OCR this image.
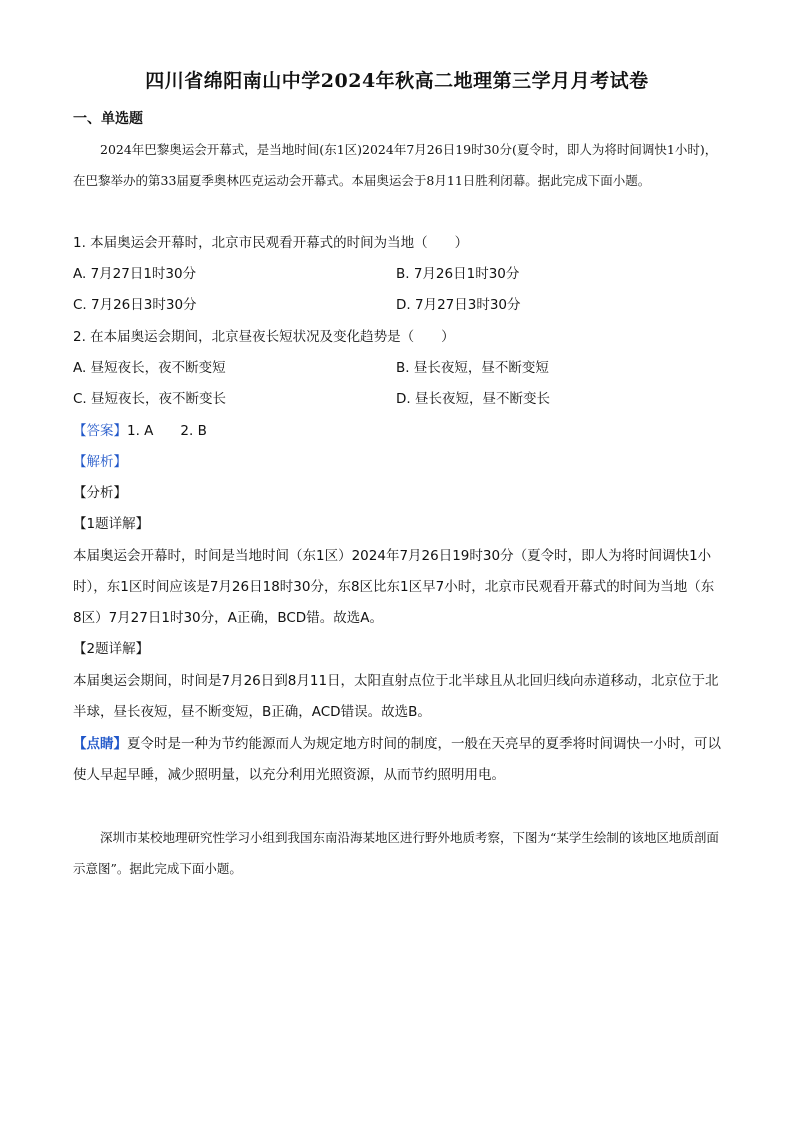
四川省绵阳南山中学2024年秋高二地理第三学月月考试卷
一、单选题

2024年巴黎奥运会开幕式，是当地时间(东1区)2024年7月26日19时30分(夏令时，即人为将时间调快1小时)，在巴黎举办的第33届夏季奥林匹克运动会开幕式。本届奥运会于8月11日胜利闭幕。据此完成下面小题。

1. 本届奥运会开幕时，北京市民观看开幕式的时间为当地（　　）
A. 7月27日1时30分	B. 7月26日1时30分
C. 7月26日3时30分	D. 7月27日3时30分
2. 在本届奥运会期间，北京昼夜长短状况及变化趋势是（　　）
A. 昼短夜长，夜不断变短	B. 昼长夜短，昼不断变短
C. 昼短夜长，夜不断变长	D. 昼长夜短，昼不断变长
【答案】1. A　　2. B
【解析】
【分析】
【1题详解】

本届奥运会开幕时，时间是当地时间（东1区）2024年7月26日19时30分（夏令时，即人为将时间调快1小时），东1区时间应该是7月26日18时30分，东8区比东1区早7小时，北京市民观看开幕式的时间为当地（东8区）7月27日1时30分，A正确，BCD错。故选A。

【2题详解】

本届奥运会期间，时间是7月26日到8月11日，太阳直射点位于北半球且从北回归线向赤道移动，北京位于北半球，昼长夜短，昼不断变短，B正确，ACD错误。故选B。

【点睛】夏令时是一种为节约能源而人为规定地方时间的制度，一般在天亮早的夏季将时间调快一小时，可以使人早起早睡，减少照明量，以充分利用光照资源，从而节约照明用电。

深圳市某校地理研究性学习小组到我国东南沿海某地区进行野外地质考察，下图为“某学生绘制的该地区地质剖面示意图”。据此完成下面小题。
